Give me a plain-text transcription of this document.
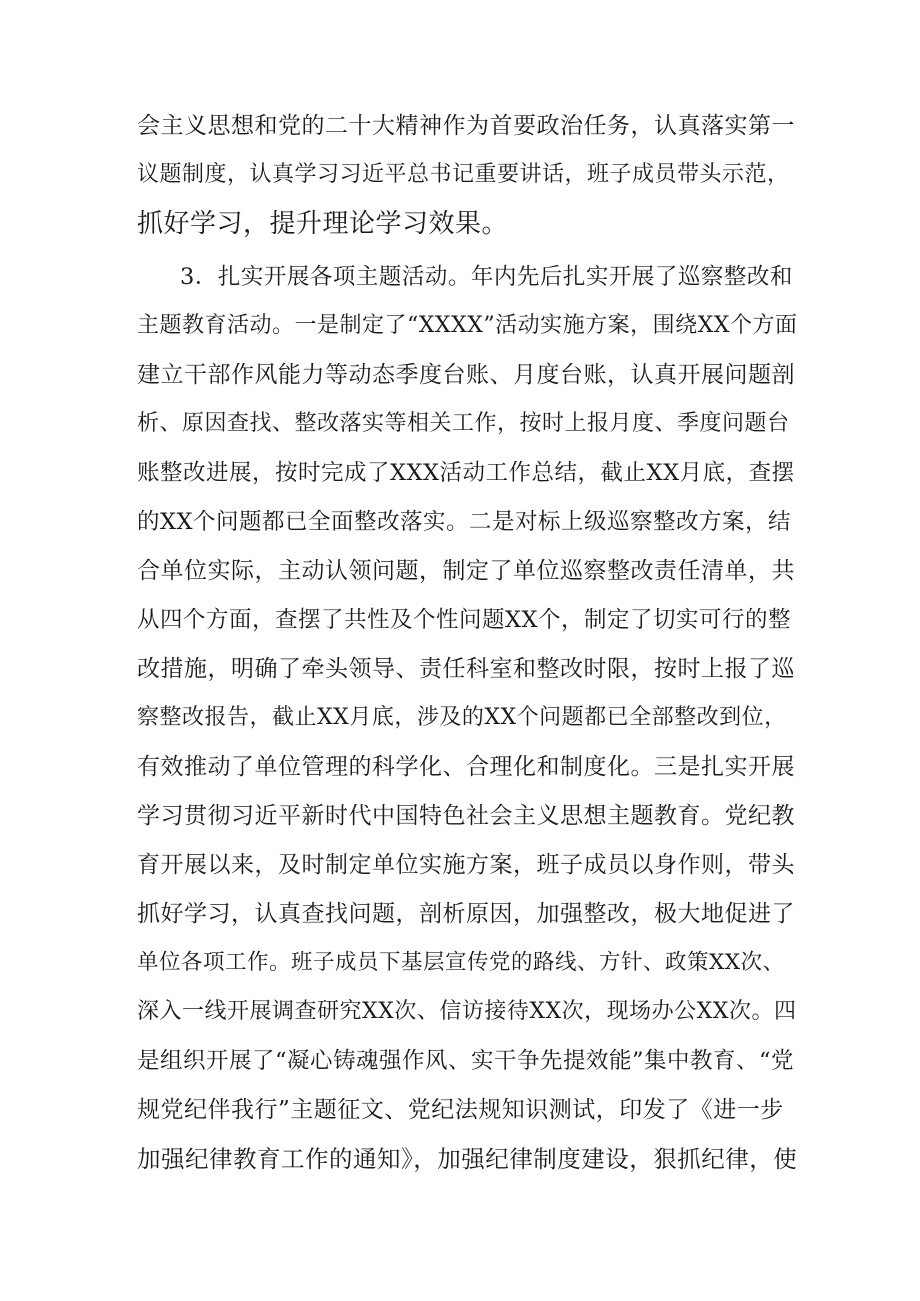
会主义思想和党的二十大精神作为首要政治任务，认真落实第一
议题制度，认真学习习近平总书记重要讲话，班子成员带头示范，
抓好学习，提升理论学习效果。
3．扎实开展各项主题活动。年内先后扎实开展了巡察整改和
主题教育活动。一是制定了“XXXX”活动实施方案，围绕XX个方面
建立干部作风能力等动态季度台账、月度台账，认真开展问题剖
析、原因查找、整改落实等相关工作，按时上报月度、季度问题台
账整改进展，按时完成了XXX活动工作总结，截止XX月底，查摆
的XX个问题都已全面整改落实。二是对标上级巡察整改方案，结
合单位实际，主动认领问题，制定了单位巡察整改责任清单，共
从四个方面，查摆了共性及个性问题XX个，制定了切实可行的整
改措施，明确了牵头领导、责任科室和整改时限，按时上报了巡
察整改报告，截止XX月底，涉及的XX个问题都已全部整改到位，
有效推动了单位管理的科学化、合理化和制度化。三是扎实开展
学习贯彻习近平新时代中国特色社会主义思想主题教育。党纪教
育开展以来，及时制定单位实施方案，班子成员以身作则，带头
抓好学习，认真查找问题，剖析原因，加强整改，极大地促进了
单位各项工作。班子成员下基层宣传党的路线、方针、政策XX次、
深入一线开展调查研究XX次、信访接待XX次，现场办公XX次。四
是组织开展了“凝心铸魂强作风、实干争先提效能”集中教育、“党
规党纪伴我行”主题征文、党纪法规知识测试，印发了《进一步
加强纪律教育工作的通知》，加强纪律制度建设，狠抓纪律，使
